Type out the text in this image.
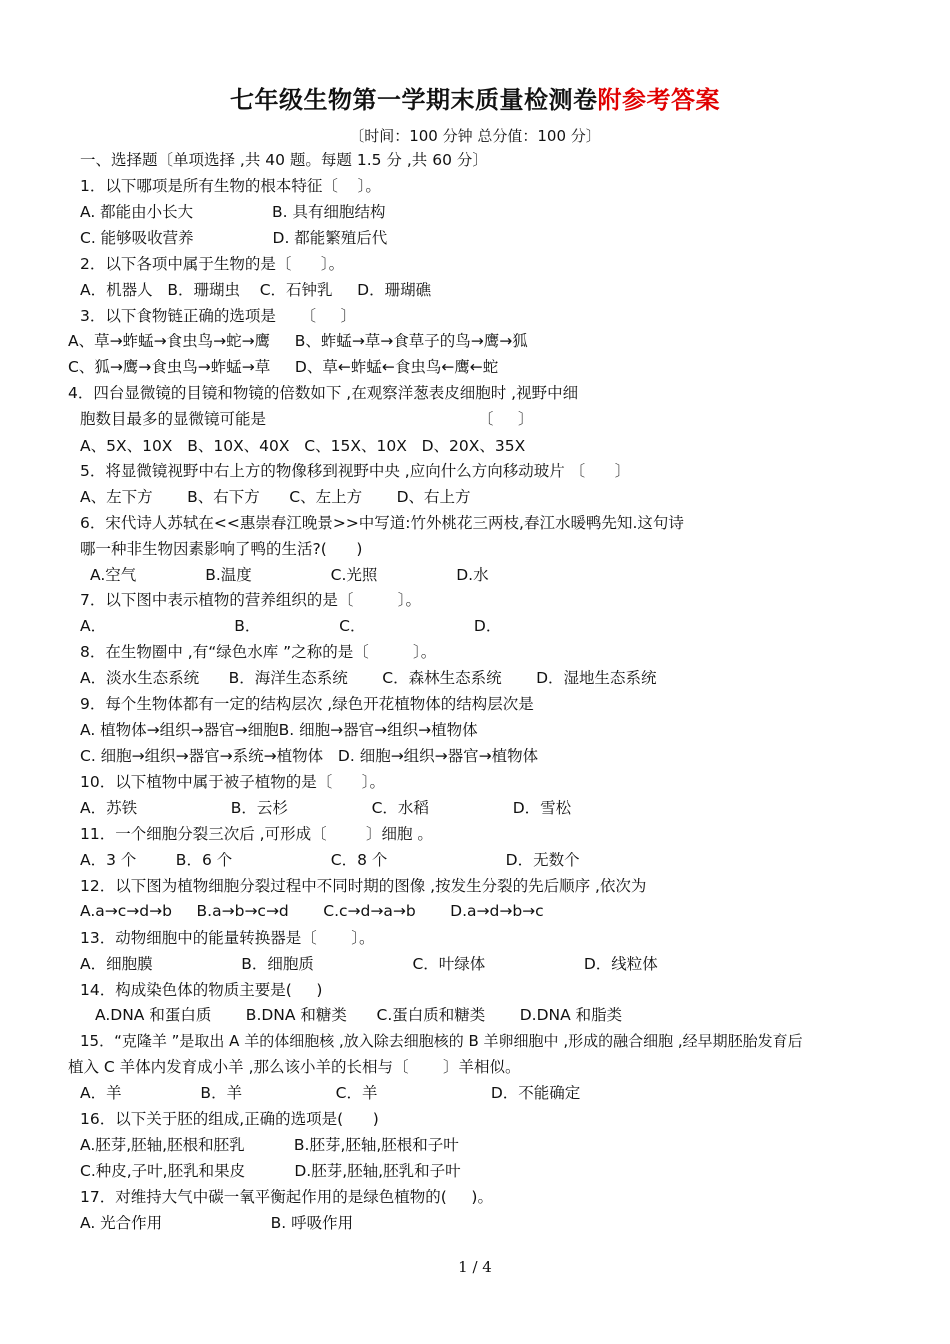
七年级生物第一学期末质量检测卷附参考答案
〔时间：100 分钟 总分值：100 分〕
一、选择题〔单项选择 ,共 40 题。每题 1.5 分 ,共 60 分〕
1．以下哪项是所有生物的根本特征〔    〕。
A. 都能由小长大                B. 具有细胞结构
C. 能够吸收营养                D. 都能繁殖后代
2．以下各项中属于生物的是〔      〕。
A．机器人   B．珊瑚虫    C．石钟乳     D．珊瑚礁
3．以下食物链正确的选项是     〔     〕
A、草→蚱蜢→食虫鸟→蛇→鹰     B、蚱蜢→草→食草子的鸟→鹰→狐
C、狐→鹰→食虫鸟→蚱蜢→草     D、草←蚱蜢←食虫鸟←鹰←蛇
4．四台显微镜的目镜和物镜的倍数如下 ,在观察洋葱表皮细胞时 ,视野中细
胞数目最多的显微镜可能是                                           〔     〕
A、5X、10X   B、10X、40X   C、15X、10X   D、20X、35X
5．将显微镜视野中右上方的物像移到视野中央 ,应向什么方向移动玻片 〔      〕
A、左下方       B、右下方      C、左上方       D、右上方
6．宋代诗人苏轼在<<惠崇春江晚景>>中写道:竹外桃花三两枝,春江水暖鸭先知.这句诗
哪一种非生物因素影响了鸭的生活?(      )
A.空气              B.温度                C.光照                D.水
7．以下图中表示植物的营养组织的是〔         〕。
A．                          B．                C．                      D．
8．在生物圈中 ,有“绿色水库 ”之称的是〔         〕。
A．淡水生态系统      B．海洋生态系统       C．森林生态系统       D．湿地生态系统
9．每个生物体都有一定的结构层次 ,绿色开花植物体的结构层次是
A. 植物体→组织→器官→细胞B. 细胞→器官→组织→植物体
C. 细胞→组织→器官→系统→植物体   D. 细胞→组织→器官→植物体
10．以下植物中属于被子植物的是〔      〕。
A．苏铁                   B．云杉                 C．水稻                 D．雪松
11．一个细胞分裂三次后 ,可形成〔        〕细胞 。
A．3 个        B．6 个                    C．8 个                        D．无数个
12．以下图为植物细胞分裂过程中不同时期的图像 ,按发生分裂的先后顺序 ,依次为
A.a→c→d→b     B.a→b→c→d       C.c→d→a→b       D.a→d→b→c
13．动物细胞中的能量转换器是〔       〕。
A．细胞膜                  B．细胞质                    C．叶绿体                    D．线粒体
14．构成染色体的物质主要是(     )
A.DNA 和蛋白质       B.DNA 和糖类      C.蛋白质和糖类       D.DNA 和脂类
15．“克隆羊 ”是取出 A 羊的体细胞核 ,放入除去细胞核的 B 羊卵细胞中 ,形成的融合细胞 ,经早期胚胎发育后
植入 C 羊体内发育成小羊 ,那么该小羊的长相与〔       〕羊相似。
A．羊                B．羊                   C．羊                       D．不能确定
16．以下关于胚的组成,正确的选项是(      )
A.胚芽,胚轴,胚根和胚乳          B.胚芽,胚轴,胚根和子叶
C.种皮,子叶,胚乳和果皮          D.胚芽,胚轴,胚乳和子叶
17．对维持大气中碳一氧平衡起作用的是绿色植物的(     )。
A. 光合作用                      B. 呼吸作用
1 / 4
